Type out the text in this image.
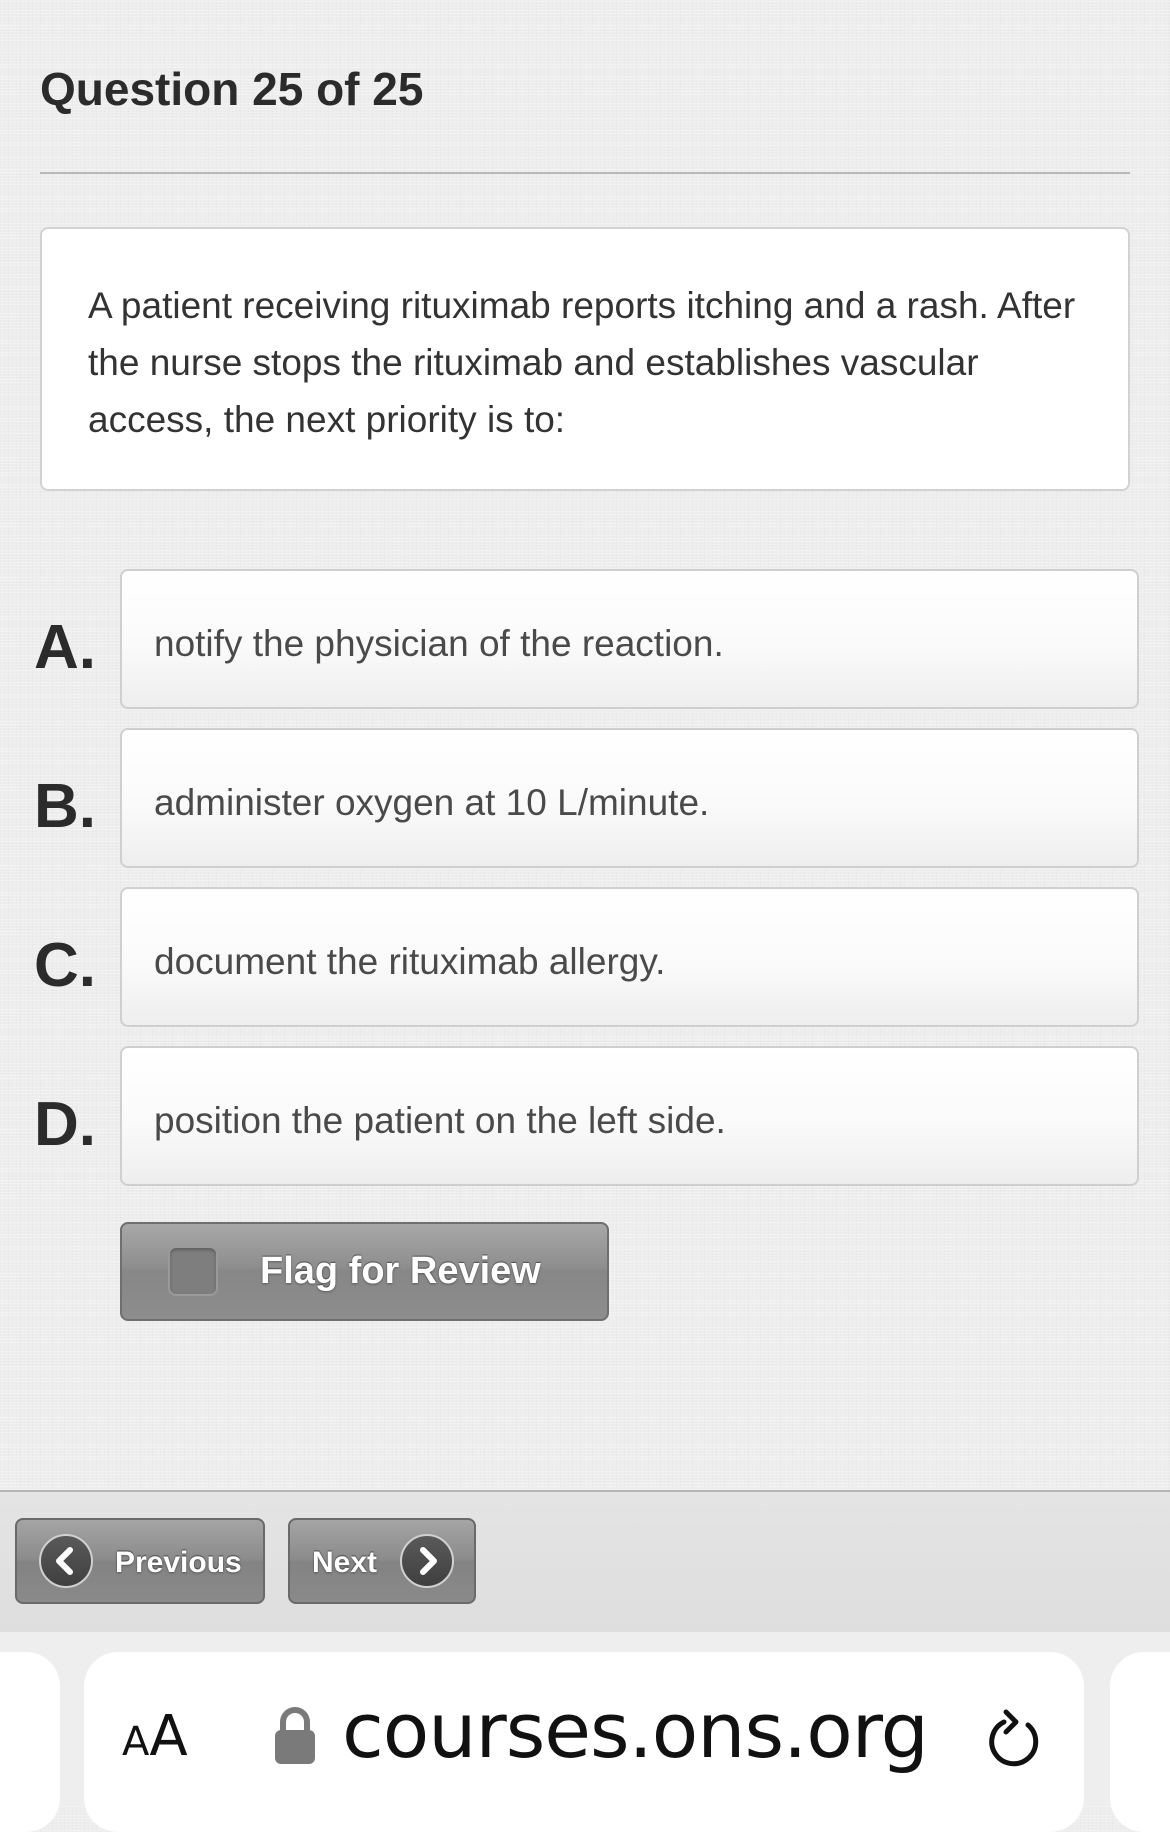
Question 25 of 25
A patient receiving rituximab reports itching and a rash. After the nurse stops the rituximab and establishes vascular access, the next priority is to:
A.	notify the physician of the reaction.
B.	administer oxygen at 10 L/minute.
C.	document the rituximab allergy.
D.	position the patient on the left side.
Flag for Review
Previous Next
AA courses.ons.org
